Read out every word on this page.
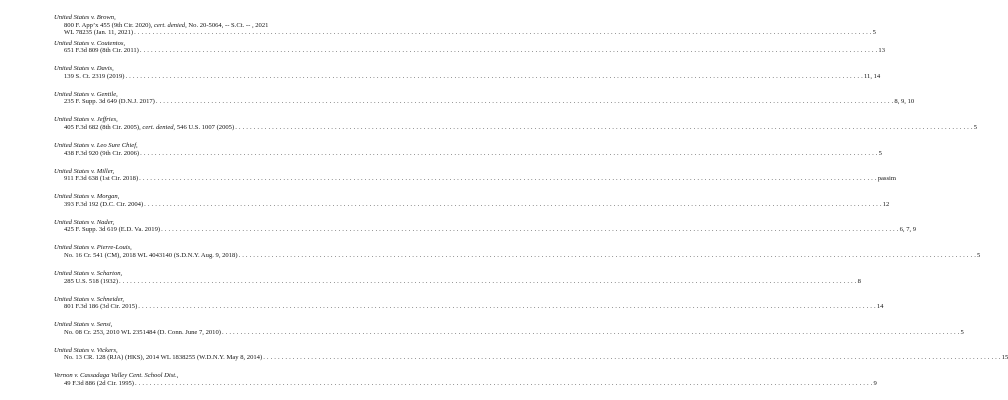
United States v. Brown,
800 F. App’x 455 (9th Cir. 2020), cert. denied, No. 20-5064, -- S.Ct. -- , 2021
WL 78235 (Jan. 11, 2021) . . . . . . . . . . . . . . . . . . . . . . . . . . . . . . . . . . . . . . . . . . . . . . . . . . . . . . . . . . . . . . . . . . . . . . . . . . . . . . . . . . . . . . . . . . . . . . . . . . . . . . . . . . . . . . . . . . . . . . . . . . . . . . . . . . . . . . . . . . . . . . . . . . . . . . . . . . . . . . . . . . . . . . . . . . . . . . . . . . . . . . . . . . . . . . . . . . . . . . . . 5
United States v. Coutentos,
651 F.3d 809 (8th Cir. 2011) . . . . . . . . . . . . . . . . . . . . . . . . . . . . . . . . . . . . . . . . . . . . . . . . . . . . . . . . . . . . . . . . . . . . . . . . . . . . . . . . . . . . . . . . . . . . . . . . . . . . . . . . . . . . . . . . . . . . . . . . . . . . . . . . . . . . . . . . . . . . . . . . . . . . . . . . . . . . . . . . . . . . . . . . . . . . . . . . . . . . . . . . . . . . . . . . . . . . . . . . 13
United States v. Davis,
139 S. Ct. 2319 (2019) . . . . . . . . . . . . . . . . . . . . . . . . . . . . . . . . . . . . . . . . . . . . . . . . . . . . . . . . . . . . . . . . . . . . . . . . . . . . . . . . . . . . . . . . . . . . . . . . . . . . . . . . . . . . . . . . . . . . . . . . . . . . . . . . . . . . . . . . . . . . . . . . . . . . . . . . . . . . . . . . . . . . . . . . . . . . . . . . . . . . . . . . . . . . . . . . . . . . . . . . 11, 14
United States v. Gentile,
235 F. Supp. 3d 649 (D.N.J. 2017) . . . . . . . . . . . . . . . . . . . . . . . . . . . . . . . . . . . . . . . . . . . . . . . . . . . . . . . . . . . . . . . . . . . . . . . . . . . . . . . . . . . . . . . . . . . . . . . . . . . . . . . . . . . . . . . . . . . . . . . . . . . . . . . . . . . . . . . . . . . . . . . . . . . . . . . . . . . . . . . . . . . . . . . . . . . . . . . . . . . . . . . . . . . . . . . . . . . . . . . . 8, 9, 10
United States v. Jeffries,
405 F.3d 682 (8th Cir. 2005), cert. denied, 546 U.S. 1007 (2005) . . . . . . . . . . . . . . . . . . . . . . . . . . . . . . . . . . . . . . . . . . . . . . . . . . . . . . . . . . . . . . . . . . . . . . . . . . . . . . . . . . . . . . . . . . . . . . . . . . . . . . . . . . . . . . . . . . . . . . . . . . . . . . . . . . . . . . . . . . . . . . . . . . . . . . . . . . . . . . . . . . . . . . . . . . . . . . . . . . . . . . . . . . . . . . . . . . . . . . . . 5
United States v. Leo Sure Chief,
438 F.3d 920 (9th Cir. 2006) . . . . . . . . . . . . . . . . . . . . . . . . . . . . . . . . . . . . . . . . . . . . . . . . . . . . . . . . . . . . . . . . . . . . . . . . . . . . . . . . . . . . . . . . . . . . . . . . . . . . . . . . . . . . . . . . . . . . . . . . . . . . . . . . . . . . . . . . . . . . . . . . . . . . . . . . . . . . . . . . . . . . . . . . . . . . . . . . . . . . . . . . . . . . . . . . . . . . . . . . 5
United States v. Miller,
911 F.3d 638 (1st Cir. 2018) . . . . . . . . . . . . . . . . . . . . . . . . . . . . . . . . . . . . . . . . . . . . . . . . . . . . . . . . . . . . . . . . . . . . . . . . . . . . . . . . . . . . . . . . . . . . . . . . . . . . . . . . . . . . . . . . . . . . . . . . . . . . . . . . . . . . . . . . . . . . . . . . . . . . . . . . . . . . . . . . . . . . . . . . . . . . . . . . . . . . . . . . . . . . . . . . . . . . . . . . passim
United States v. Morgan,
393 F.3d 192 (D.C. Cir. 2004) . . . . . . . . . . . . . . . . . . . . . . . . . . . . . . . . . . . . . . . . . . . . . . . . . . . . . . . . . . . . . . . . . . . . . . . . . . . . . . . . . . . . . . . . . . . . . . . . . . . . . . . . . . . . . . . . . . . . . . . . . . . . . . . . . . . . . . . . . . . . . . . . . . . . . . . . . . . . . . . . . . . . . . . . . . . . . . . . . . . . . . . . . . . . . . . . . . . . . . . . 12
United States v. Nader,
425 F. Supp. 3d 619 (E.D. Va. 2019) . . . . . . . . . . . . . . . . . . . . . . . . . . . . . . . . . . . . . . . . . . . . . . . . . . . . . . . . . . . . . . . . . . . . . . . . . . . . . . . . . . . . . . . . . . . . . . . . . . . . . . . . . . . . . . . . . . . . . . . . . . . . . . . . . . . . . . . . . . . . . . . . . . . . . . . . . . . . . . . . . . . . . . . . . . . . . . . . . . . . . . . . . . . . . . . . . . . . . . . . 6, 7, 9
United States v. Pierre-Louis,
No. 16 Cr. 541 (CM), 2018 WL 4043140 (S.D.N.Y. Aug. 9, 2018) . . . . . . . . . . . . . . . . . . . . . . . . . . . . . . . . . . . . . . . . . . . . . . . . . . . . . . . . . . . . . . . . . . . . . . . . . . . . . . . . . . . . . . . . . . . . . . . . . . . . . . . . . . . . . . . . . . . . . . . . . . . . . . . . . . . . . . . . . . . . . . . . . . . . . . . . . . . . . . . . . . . . . . . . . . . . . . . . . . . . . . . . . . . . . . . . . . . . . . . . 5
United States v. Scharton,
285 U.S. 518 (1932) . . . . . . . . . . . . . . . . . . . . . . . . . . . . . . . . . . . . . . . . . . . . . . . . . . . . . . . . . . . . . . . . . . . . . . . . . . . . . . . . . . . . . . . . . . . . . . . . . . . . . . . . . . . . . . . . . . . . . . . . . . . . . . . . . . . . . . . . . . . . . . . . . . . . . . . . . . . . . . . . . . . . . . . . . . . . . . . . . . . . . . . . . . . . . . . . . . . . . . . . 8
United States v. Schneider,
801 F.3d 186 (3d Cir. 2015) . . . . . . . . . . . . . . . . . . . . . . . . . . . . . . . . . . . . . . . . . . . . . . . . . . . . . . . . . . . . . . . . . . . . . . . . . . . . . . . . . . . . . . . . . . . . . . . . . . . . . . . . . . . . . . . . . . . . . . . . . . . . . . . . . . . . . . . . . . . . . . . . . . . . . . . . . . . . . . . . . . . . . . . . . . . . . . . . . . . . . . . . . . . . . . . . . . . . . . . . 14
United States v. Sensi,
No. 08 Cr. 253, 2010 WL 2351484 (D. Conn. June 7, 2010) . . . . . . . . . . . . . . . . . . . . . . . . . . . . . . . . . . . . . . . . . . . . . . . . . . . . . . . . . . . . . . . . . . . . . . . . . . . . . . . . . . . . . . . . . . . . . . . . . . . . . . . . . . . . . . . . . . . . . . . . . . . . . . . . . . . . . . . . . . . . . . . . . . . . . . . . . . . . . . . . . . . . . . . . . . . . . . . . . . . . . . . . . . . . . . . . . . . . . . . . 5
United States v. Vickers,
No. 13 CR. 128 (RJA) (HKS), 2014 WL 1838255 (W.D.N.Y. May 8, 2014) . . . . . . . . . . . . . . . . . . . . . . . . . . . . . . . . . . . . . . . . . . . . . . . . . . . . . . . . . . . . . . . . . . . . . . . . . . . . . . . . . . . . . . . . . . . . . . . . . . . . . . . . . . . . . . . . . . . . . . . . . . . . . . . . . . . . . . . . . . . . . . . . . . . . . . . . . . . . . . . . . . . . . . . . . . . . . . . . . . . . . . . . . . . . . . . . . . . . . . . . 15
Vernon v. Cassadaga Valley Cent. School Dist.,
49 F.3d 886 (2d Cir. 1995) . . . . . . . . . . . . . . . . . . . . . . . . . . . . . . . . . . . . . . . . . . . . . . . . . . . . . . . . . . . . . . . . . . . . . . . . . . . . . . . . . . . . . . . . . . . . . . . . . . . . . . . . . . . . . . . . . . . . . . . . . . . . . . . . . . . . . . . . . . . . . . . . . . . . . . . . . . . . . . . . . . . . . . . . . . . . . . . . . . . . . . . . . . . . . . . . . . . . . . . . 9
